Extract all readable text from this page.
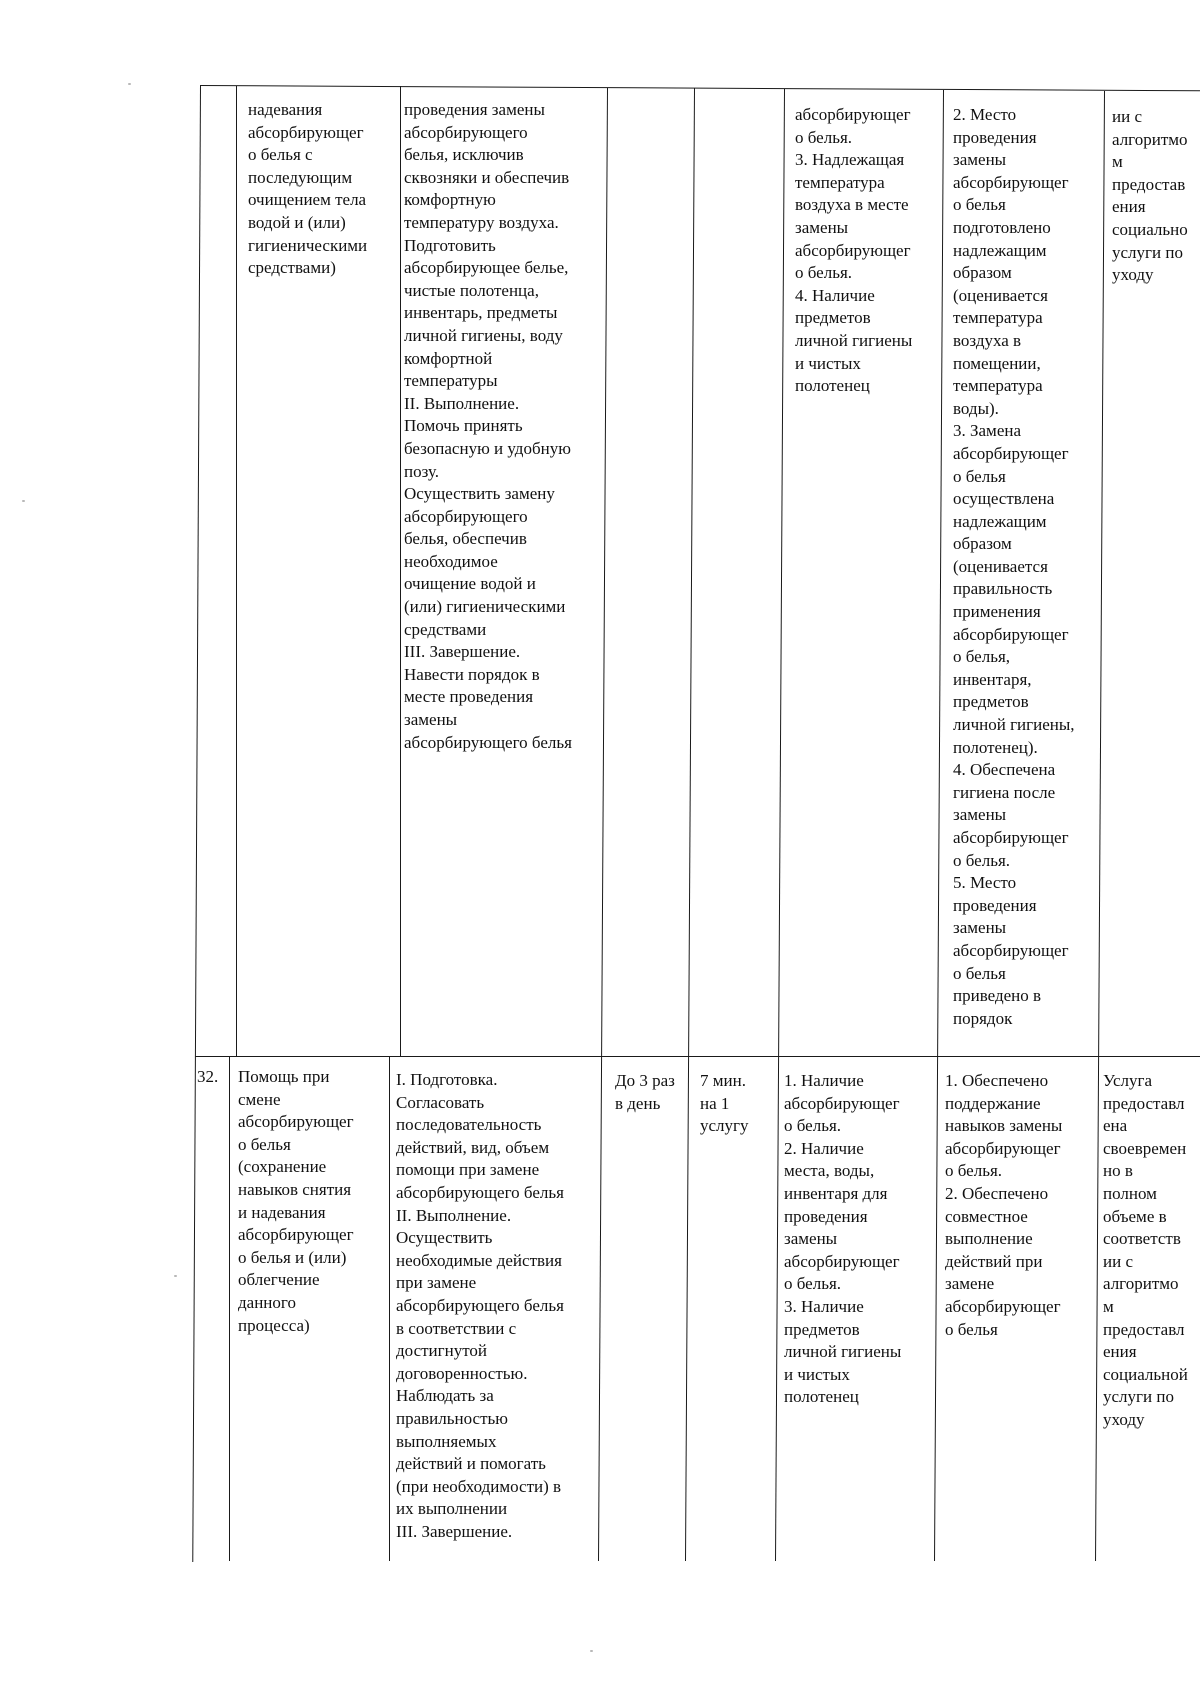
надевания
абсорбирующег
о белья с
последующим
очищением тела
водой и (или)
гигиеническими
средствами)
проведения замены
абсорбирующего
белья, исключив
сквозняки и обеспечив
комфортную
температуру воздуха.
Подготовить
абсорбирующее белье,
чистые полотенца,
инвентарь, предметы
личной гигиены, воду
комфортной
температуры
II. Выполнение.
Помочь принять
безопасную и удобную
позу.
Осуществить замену
абсорбирующего
белья, обеспечив
необходимое
очищение водой и
(или) гигиеническими
средствами
III. Завершение.
Навести порядок в
месте проведения
замены
абсорбирующего белья
абсорбирующег
о белья.
3. Надлежащая
температура
воздуха в месте
замены
абсорбирующег
о белья.
4. Наличие
предметов
личной гигиены
и чистых
полотенец
2. Место
проведения
замены
абсорбирующег
о белья
подготовлено
надлежащим
образом
(оценивается
температура
воздуха в
помещении,
температура
воды).
3. Замена
абсорбирующег
о белья
осуществлена
надлежащим
образом
(оценивается
правильность
применения
абсорбирующег
о белья,
инвентаря,
предметов
личной гигиены,
полотенец).
4. Обеспечена
гигиена после
замены
абсорбирующег
о белья.
5. Место
проведения
замены
абсорбирующег
о белья
приведено в
порядок
ии с
алгоритмо
м
предостав
ения
социально
услуги по
уходу
32. Помощь при
смене
абсорбирующег
о белья
(сохранение
навыков снятия
и надевания
абсорбирующег
о белья и (или)
облегчение
данного
процесса)
I. Подготовка.
Согласовать
последовательность
действий, вид, объем
помощи при замене
абсорбирующего белья
II. Выполнение.
Осуществить
необходимые действия
при замене
абсорбирующего белья
в соответствии с
достигнутой
договоренностью.
Наблюдать за
правильностью
выполняемых
действий и помогать
(при необходимости) в
их выполнении
III. Завершение.
До 3 раз
в день
7 мин.
на 1
услугу
1. Наличие
абсорбирующег
о белья.
2. Наличие
места, воды,
инвентаря для
проведения
замены
абсорбирующег
о белья.
3. Наличие
предметов
личной гигиены
и чистых
полотенец
1. Обеспечено
поддержание
навыков замены
абсорбирующег
о белья.
2. Обеспечено
совместное
выполнение
действий при
замене
абсорбирующег
о белья
Услуга
предоставл
ена
своевремен
но в
полном
объеме в
соответств
ии с
алгоритмо
м
предоставл
ения
социальной
услуги по
уходу
